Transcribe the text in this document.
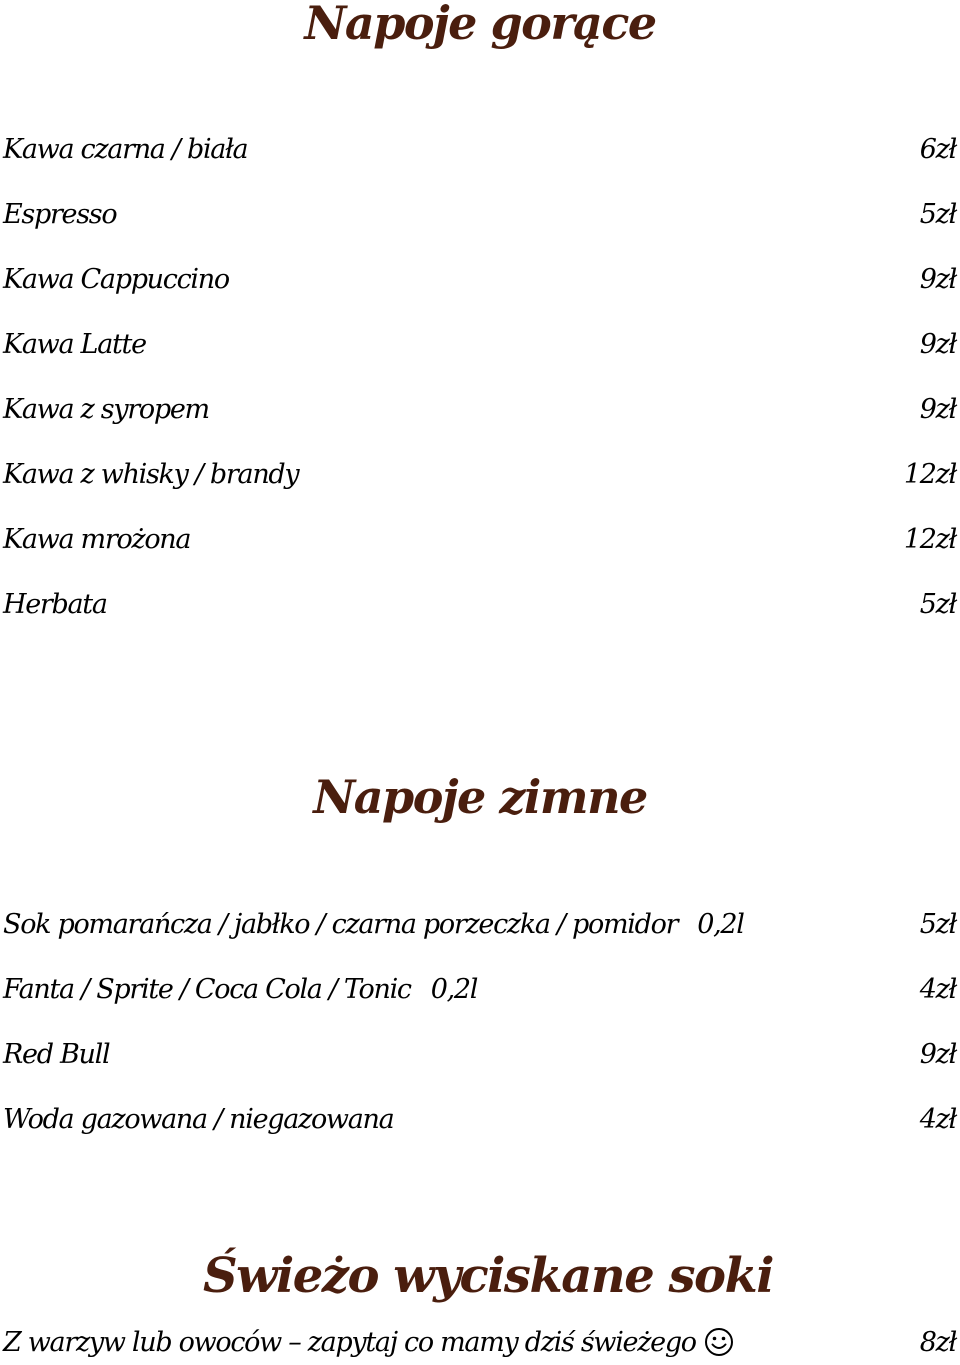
Napoje gorące
Kawa czarna / biała	6zł
Espresso	5zł
Kawa Cappuccino	9zł
Kawa Latte	9zł
Kawa z syropem	9zł
Kawa z whisky / brandy	12zł
Kawa mrożona	12zł
Herbata	5zł
Napoje zimne
Sok pomarańcza / jabłko / czarna porzeczka / pomidor 0,2l	5zł
Fanta / Sprite / Coca Cola / Tonic 0,2l	4zł
Red Bull	9zł
Woda gazowana / niegazowana	4zł
Świeżo wyciskane soki
Z warzyw lub owoców – zapytaj co mamy dziś świeżego	8zł
